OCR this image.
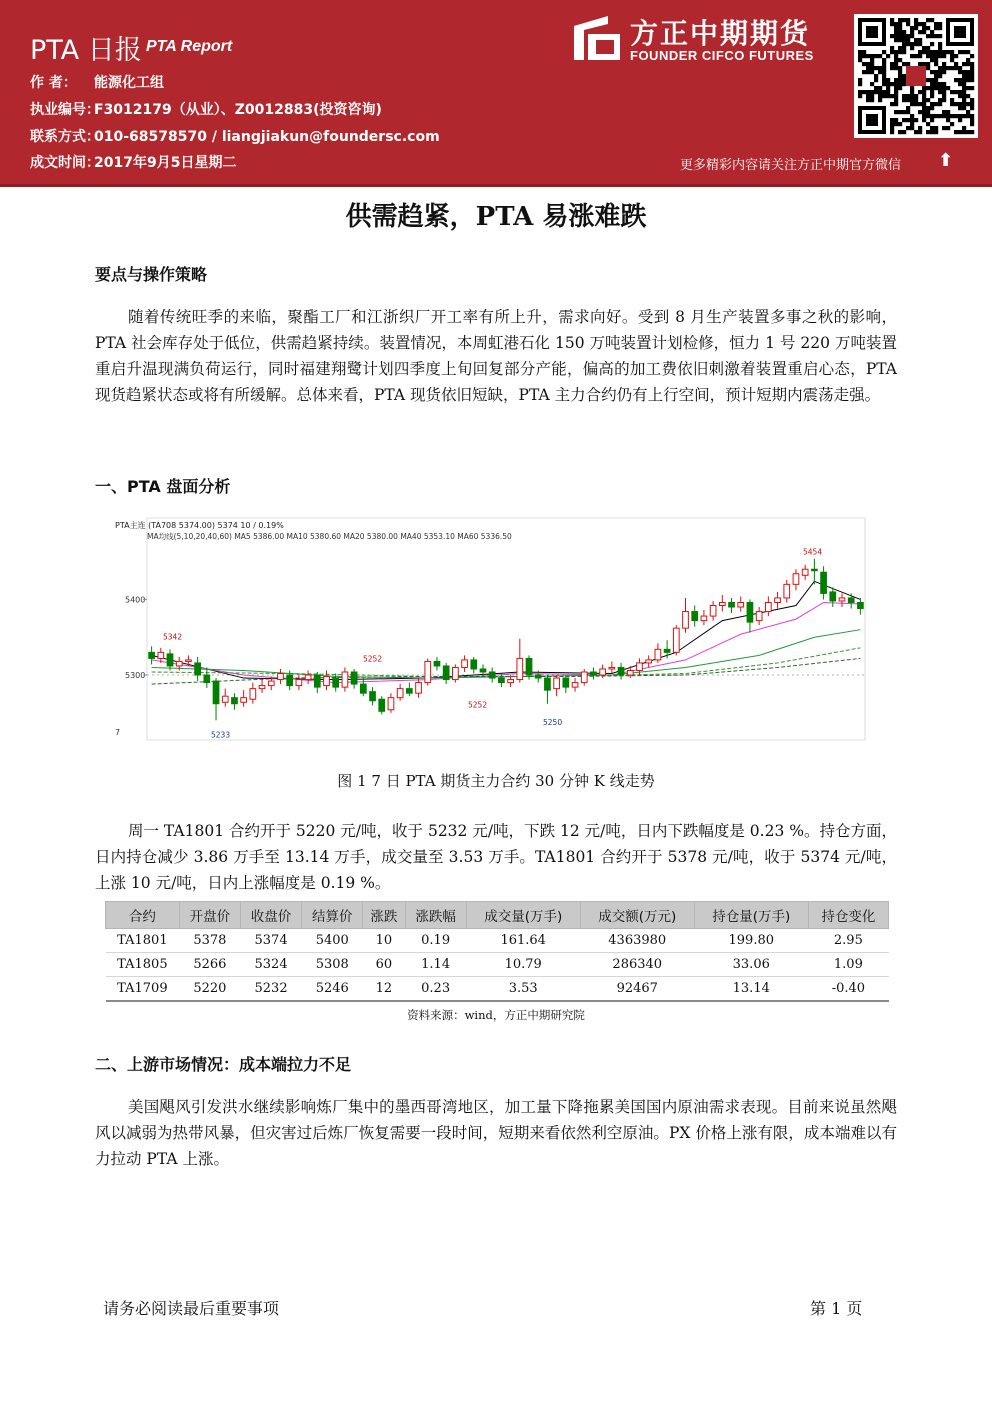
PTA 日报 PTA Report
作 者： 能源化工组
执业编号：F3012179（从业）、Z0012883(投资咨询)
联系方式：010-68578570 / liangjiakun@foundersc.com
成文时间：2017年9月5日星期二
方正中期期货
FOUNDER CIFCO FUTURES
更多精彩内容请关注方正中期官方微信 ⬆
供需趋紧，PTA 易涨难跌
要点与操作策略

随着传统旺季的来临，聚酯工厂和江浙织厂开工率有所上升，需求向好。受到 8 月生产装置多事之秋的影响，PTA 社会库存处于低位，供需趋紧持续。装置情况，本周虹港石化 150 万吨装置计划检修，恒力 1 号 220 万吨装置重启升温现满负荷运行，同时福建翔鹭计划四季度上旬回复部分产能，偏高的加工费依旧刺激着装置重启心态，PTA 现货趋紧状态或将有所缓解。总体来看，PTA 现货依旧短缺，PTA 主力合约仍有上行空间，预计短期内震荡走强。

一、PTA 盘面分析
PTA主连 (TA708 5374.00) 5374 10 / 0.19%
MA均线(5,10,20,40,60) MA5 5386.00 MA10 5380.60 MA20 5380.00 MA40 5353.10 MA60 5336.50
5300
5400
5342
5233
5252
5252
5250
5454
7
图 1 7 日 PTA 期货主力合约 30 分钟 K 线走势

周一 TA1801 合约开于 5220 元/吨，收于 5232 元/吨，下跌 12 元/吨，日内下跌幅度是 0.23 %。持仓方面，日内持仓减少 3.86 万手至 13.14 万手，成交量至 3.53 万手。TA1801 合约开于 5378 元/吨，收于 5374 元/吨，上涨 10 元/吨，日内上涨幅度是 0.19 %。

合约	开盘价	收盘价	结算价	涨跌	涨跌幅	成交量(万手)	成交额(万元)	持仓量(万手)	持仓变化
TA1801	5378	5374	5400	10	0.19	161.64	4363980	199.80	2.95
TA1805	5266	5324	5308	60	1.14	10.79	286340	33.06	1.09
TA1709	5220	5232	5246	12	0.23	3.53	92467	13.14	-0.40
资料来源：wind，方正中期研究院
二、上游市场情况：成本端拉力不足

美国飓风引发洪水继续影响炼厂集中的墨西哥湾地区，加工量下降拖累美国国内原油需求表现。目前来说虽然飓风以减弱为热带风暴，但灾害过后炼厂恢复需要一段时间，短期来看依然利空原油。PX 价格上涨有限，成本端难以有力拉动 PTA 上涨。

请务必阅读最后重要事项	第 1 页
